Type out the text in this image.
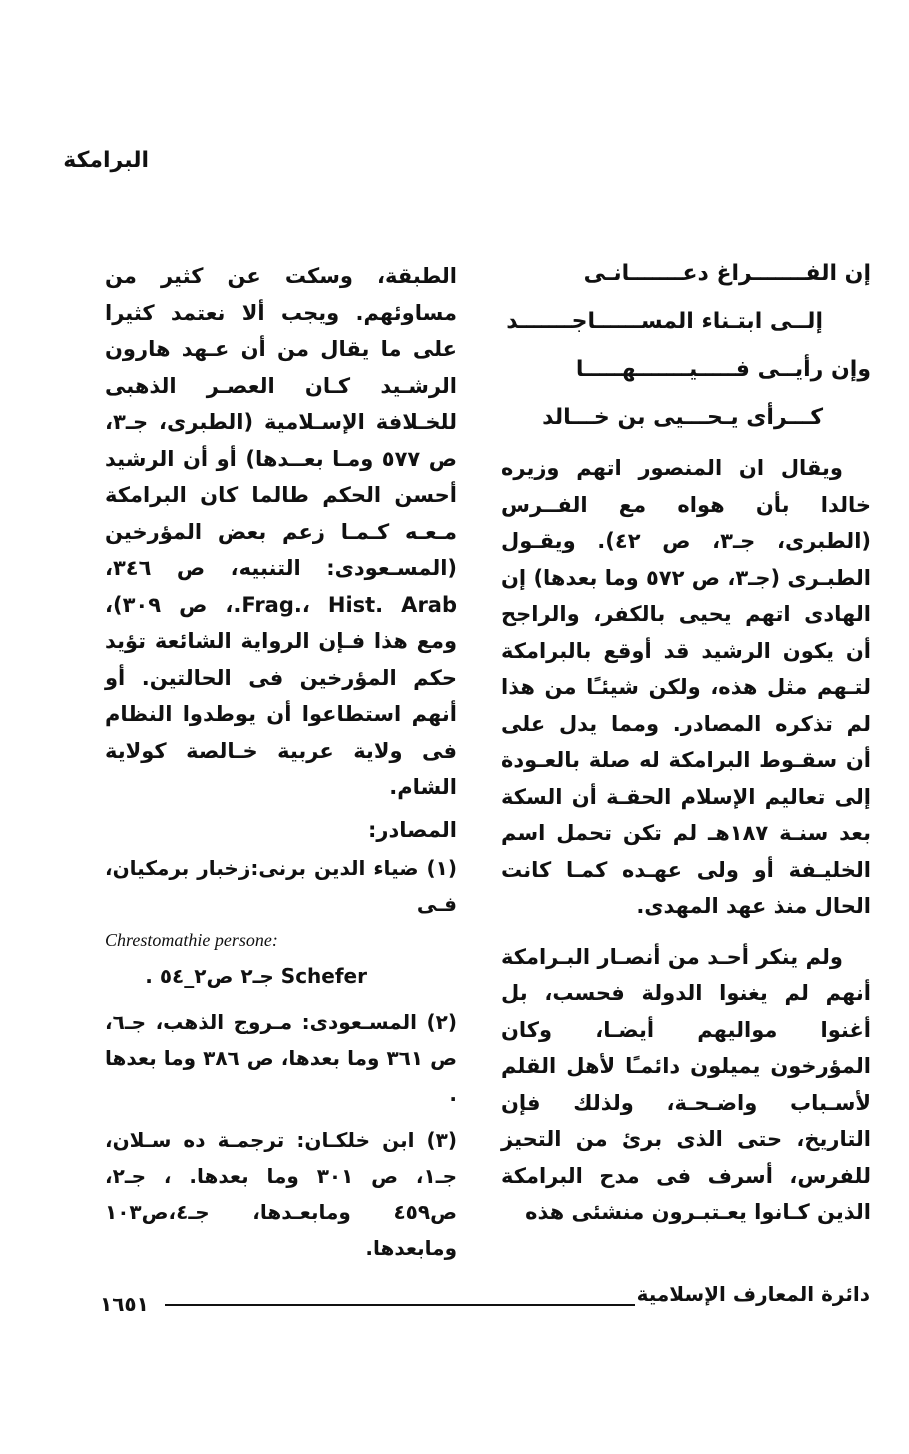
البرامكة
إن الفـــــــراغ دعـــــــانـى
إلــى ابتـناء المســــــاجـــــــد
وإن رأيــى فـــــيـــــــهـــــا
كـــرأى يـحـــيى بن خـــالد

ويقال ان المنصور اتهم وزيره خالدا بأن هواه مع الفــرس (الطبرى، جـ٣، ص ٤٢). ويقـول الطبـرى (جـ٣، ص ٥٧٢ وما بعدها) إن الهادى اتهم يحيى بالكفر، والراجح أن يكون الرشيد قد أوقع بالبرامكة لتـهم مثل هذه، ولكن شيئـًا من هذا لم تذكره المصادر. ومما يدل على أن سقـوط البرامكة له صلة بالعـودة إلى تعاليم الإسلام الحقـة أن السكة بعد سنـة ١٨٧هـ لم تكن تحمل اسم الخليـفة أو ولى عهـده كمـا كانت الحال منذ عهد المهدى.

ولم ينكر أحـد من أنصـار البـرامكة أنهم لم يغنوا الدولة فحسب، بل أغنوا مواليهم أيضـا، وكان المؤرخون يميلون دائمـًا لأهل القلم لأسـباب واضـحـة، ولذلك فإن التاريخ، حتى الذى برئ من التحيز للفرس، أسرف فى مدح البرامكة الذين كـانوا يعـتبـرون منشئى هذه

الطبقة، وسكت عن كثير من مساوئهم. ويجب ألا نعتمد كثيرا على ما يقال من أن عـهد هارون الرشـيد كـان العصـر الذهبى للخـلافة الإسـلامية (الطبرى، جـ٣، ص ٥٧٧ ومـا بعــدها) أو أن الرشيد أحسن الحكم طالما كان البرامكة مـعـه كـمـا زعم بعض المؤرخين (المسـعودى: التنبيه، ص ٣٤٦، Frag.، Hist. Arab.، ص ٣٠٩)، ومع هذا فـإن الرواية الشائعة تؤيد حكم المؤرخين فى الحالتين. أو أنهم استطاعوا أن يوطدوا النظام فى ولاية عربية خـالصة كولاية الشام.

المصادر:
(١) ضياء الدين برنى:زخبار برمكيان، فـى
Chrestomathie persone:
Schefer جـ٢ ص٢_٥٤ .
(٢) المسـعودى: مـروج الذهب، جـ٦، ص ٣٦١ وما بعدها، ص ٣٨٦ وما بعدها .
(٣) ابن خلكـان: ترجمـة ده سـلان، جـ١، ص ٣٠١ وما بعدها. ، جـ٢، ص٤٥٩ ومابعـدها، جـ٤،ص١٠٣ ومابعدها.
دائرة المعارف الإسلامية
١٦٥١
